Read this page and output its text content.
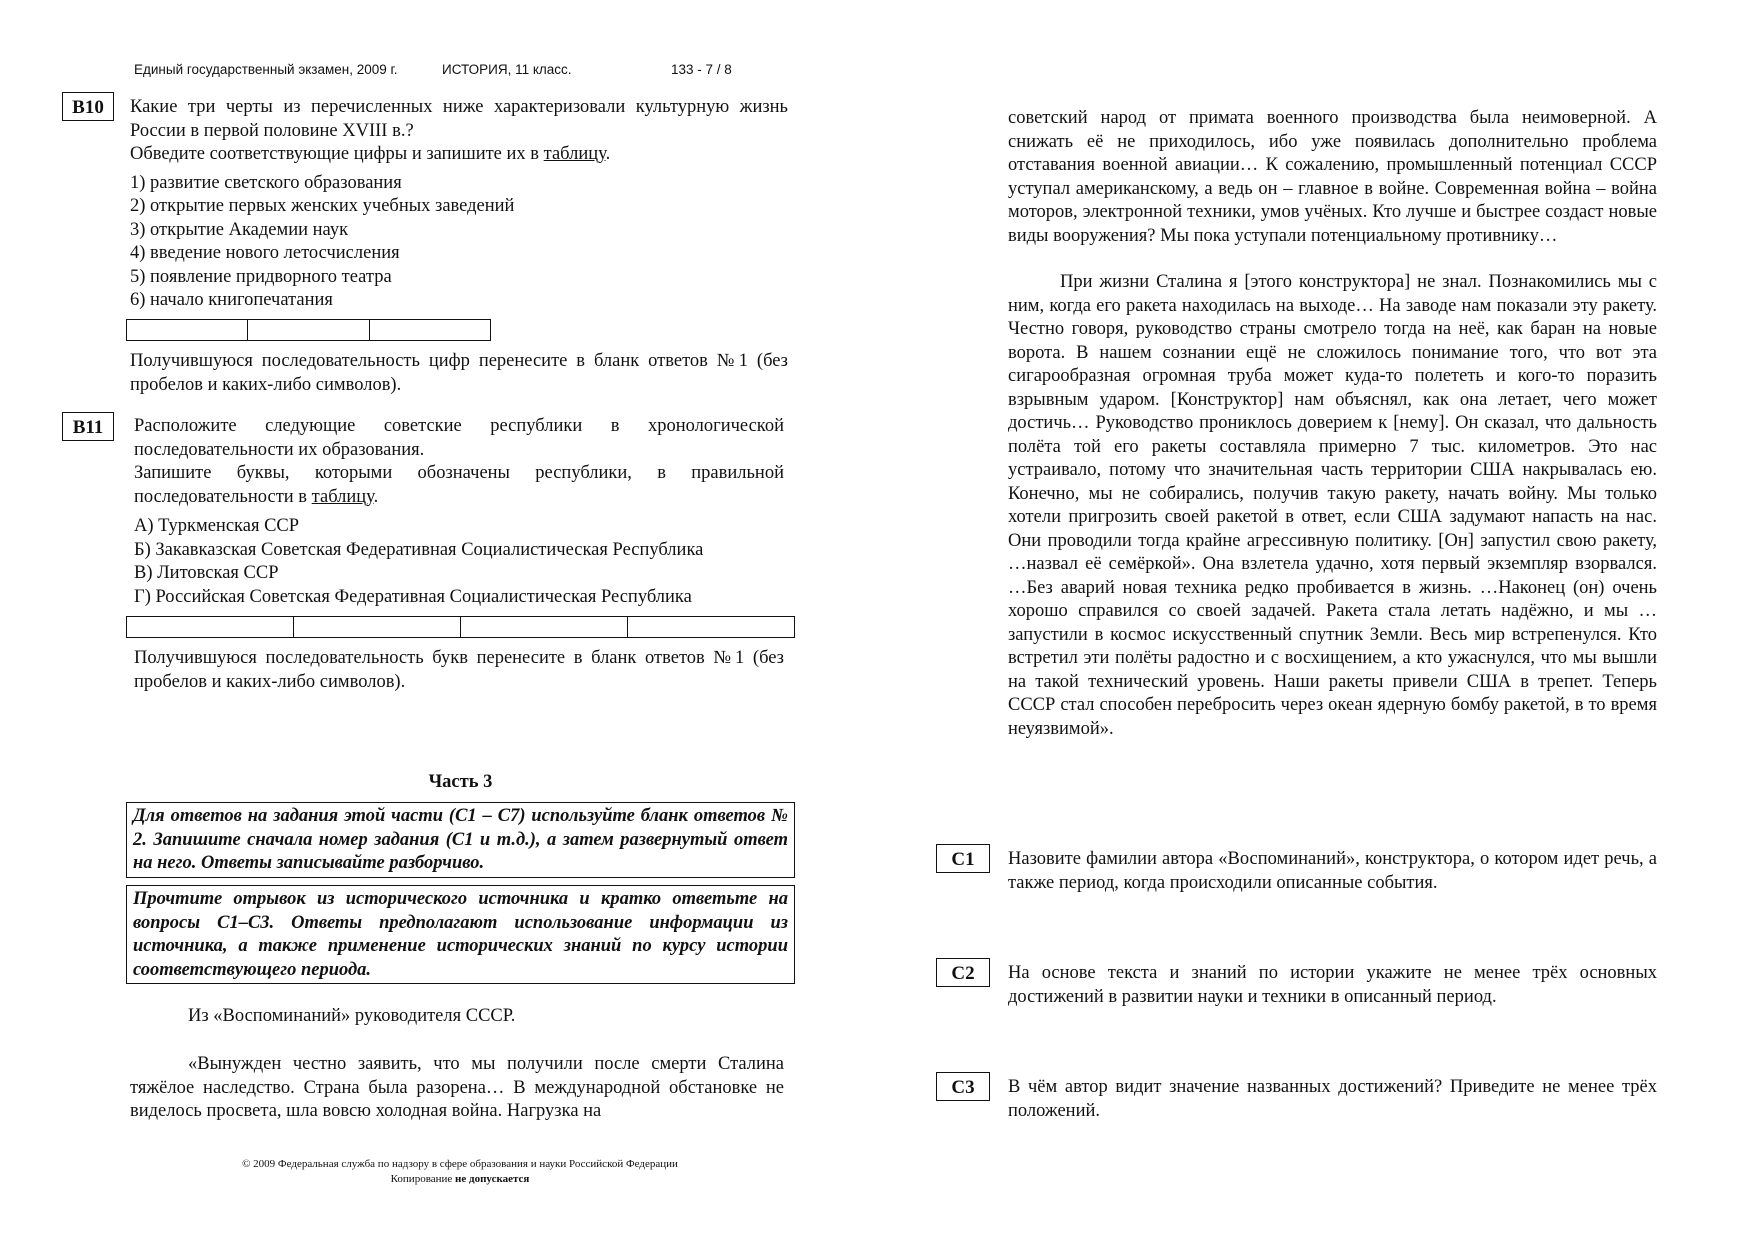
Единый государственный экзамен, 2009 г.	ИСТОРИЯ, 11 класс.	133 - 7 / 8
B10	Какие три черты из перечисленных ниже характеризовали культурную жизнь России в первой половине XVIII в.?
Обведите соответствующие цифры и запишите их в таблицу.
1) развитие светского образования
2) открытие первых женских учебных заведений
3) открытие Академии наук
4) введение нового летосчисления
5) появление придворного театра
6) начало книгопечатания
Получившуюся последовательность цифр перенесите в бланк ответов №1 (без пробелов и каких-либо символов).
B11	Расположите следующие советские республики в хронологической последовательности их образования.
Запишите буквы, которыми обозначены республики, в правильной последовательности в таблицу.
А) Туркменская ССР
Б) Закавказская Советская Федеративная Социалистическая Республика
В) Литовская ССР
Г) Российская Советская Федеративная Социалистическая Республика
Получившуюся последовательность букв перенесите в бланк ответов №1 (без пробелов и каких-либо символов).
Часть 3
Для ответов на задания этой части (С1 – С7) используйте бланк ответов № 2. Запишите сначала номер задания (С1 и т.д.), а затем развернутый ответ на него. Ответы записывайте разборчиво.
Прочтите отрывок из исторического источника и кратко ответьте на вопросы С1–С3. Ответы предполагают использование информации из источника, а также применение исторических знаний по курсу истории соответствующего периода.
Из «Воспоминаний» руководителя СССР.
«Вынужден честно заявить, что мы получили после смерти Сталина тяжёлое наследство. Страна была разорена… В международной обстановке не виделось просвета, шла вовсю холодная война. Нагрузка на
© 2009 Федеральная служба по надзору в сфере образования и науки Российской Федерации
Копирование не допускается
советский народ от примата военного производства была неимоверной. А снижать её не приходилось, ибо уже появилась дополнительно проблема отставания военной авиации… К сожалению, промышленный потенциал СССР уступал американскому, а ведь он – главное в войне. Современная война – война моторов, электронной техники, умов учёных. Кто лучше и быстрее создаст новые виды вооружения? Мы пока уступали потенциальному противнику…
При жизни Сталина я [этого конструктора] не знал. Познакомились мы с ним, когда его ракета находилась на выходе… На заводе нам показали эту ракету. Честно говоря, руководство страны смотрело тогда на неё, как баран на новые ворота. В нашем сознании ещё не сложилось понимание того, что вот эта сигарообразная огромная труба может куда-то полететь и кого-то поразить взрывным ударом. [Конструктор] нам объяснял, как она летает, чего может достичь… Руководство прониклось доверием к [нему]. Он сказал, что дальность полёта той его ракеты составляла примерно 7 тыс. километров. Это нас устраивало, потому что значительная часть территории США накрывалась ею. Конечно, мы не собирались, получив такую ракету, начать войну. Мы только хотели пригрозить своей ракетой в ответ, если США задумают напасть на нас. Они проводили тогда крайне агрессивную политику. [Он] запустил свою ракету, …назвал её семёркой». Она взлетела удачно, хотя первый экземпляр взорвался. …Без аварий новая техника редко пробивается в жизнь. …Наконец (он) очень хорошо справился со своей задачей. Ракета стала летать надёжно, и мы …запустили в космос искусственный спутник Земли. Весь мир встрепенулся. Кто встретил эти полёты радостно и с восхищением, а кто ужаснулся, что мы вышли на такой технический уровень. Наши ракеты привели США в трепет. Теперь СССР стал способен перебросить через океан ядерную бомбу ракетой, в то время неуязвимой».
C1	Назовите фамилии автора «Воспоминаний», конструктора, о котором идет речь, а также период, когда происходили описанные события.
C2	На основе текста и знаний по истории укажите не менее трёх основных достижений в развитии науки и техники в описанный период.
C3	В чём автор видит значение названных достижений? Приведите не менее трёх положений.
